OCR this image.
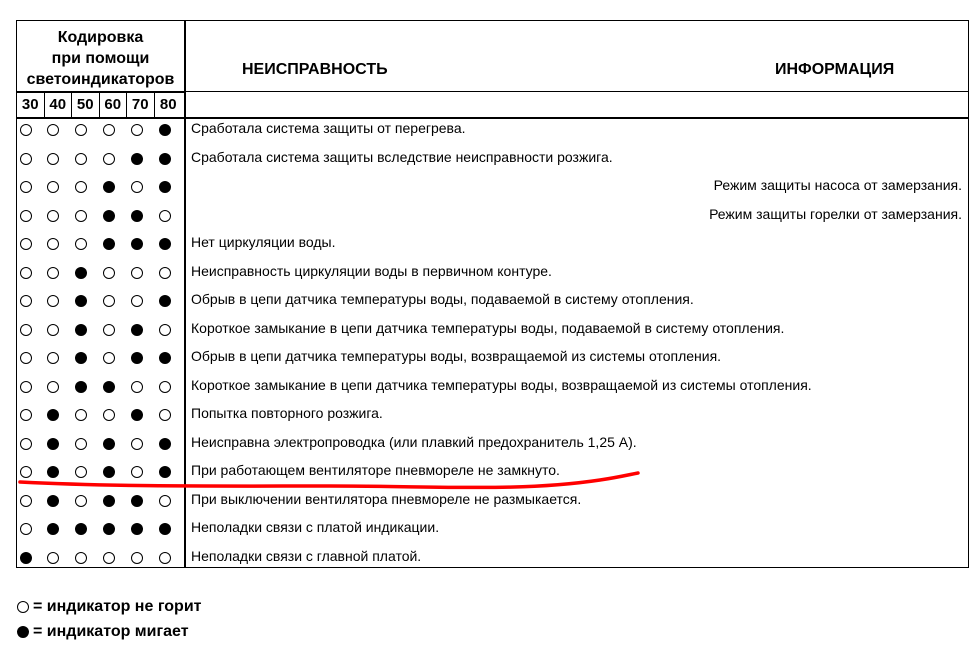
Кодировка
при помощи
светоиндикаторов
НЕИСПРАВНОСТЬ	ИНФОРМАЦИЯ
30 40 50 60 70 80
Сработала система защиты от перегрева.
Сработала система защиты вследствие неисправности розжига.
Режим защиты насоса от замерзания.
Режим защиты горелки от замерзания.
Нет циркуляции воды.
Неисправность циркуляции воды в первичном контуре.
Обрыв в цепи датчика температуры воды, подаваемой в систему отопления.
Короткое замыкание в цепи датчика температуры воды, подаваемой в систему отопления.
Обрыв в цепи датчика температуры воды, возвращаемой из системы отопления.
Короткое замыкание в цепи датчика температуры воды, возвращаемой из системы отопления.
Попытка повторного розжига.
Неисправна электропроводка (или плавкий предохранитель 1,25 А).
При работающем вентиляторе пневмореле не замкнуто.
При выключении вентилятора пневмореле не размыкается.
Неполадки связи с платой индикации.
Неполадки связи с главной платой.
= индикатор не горит
= индикатор мигает
